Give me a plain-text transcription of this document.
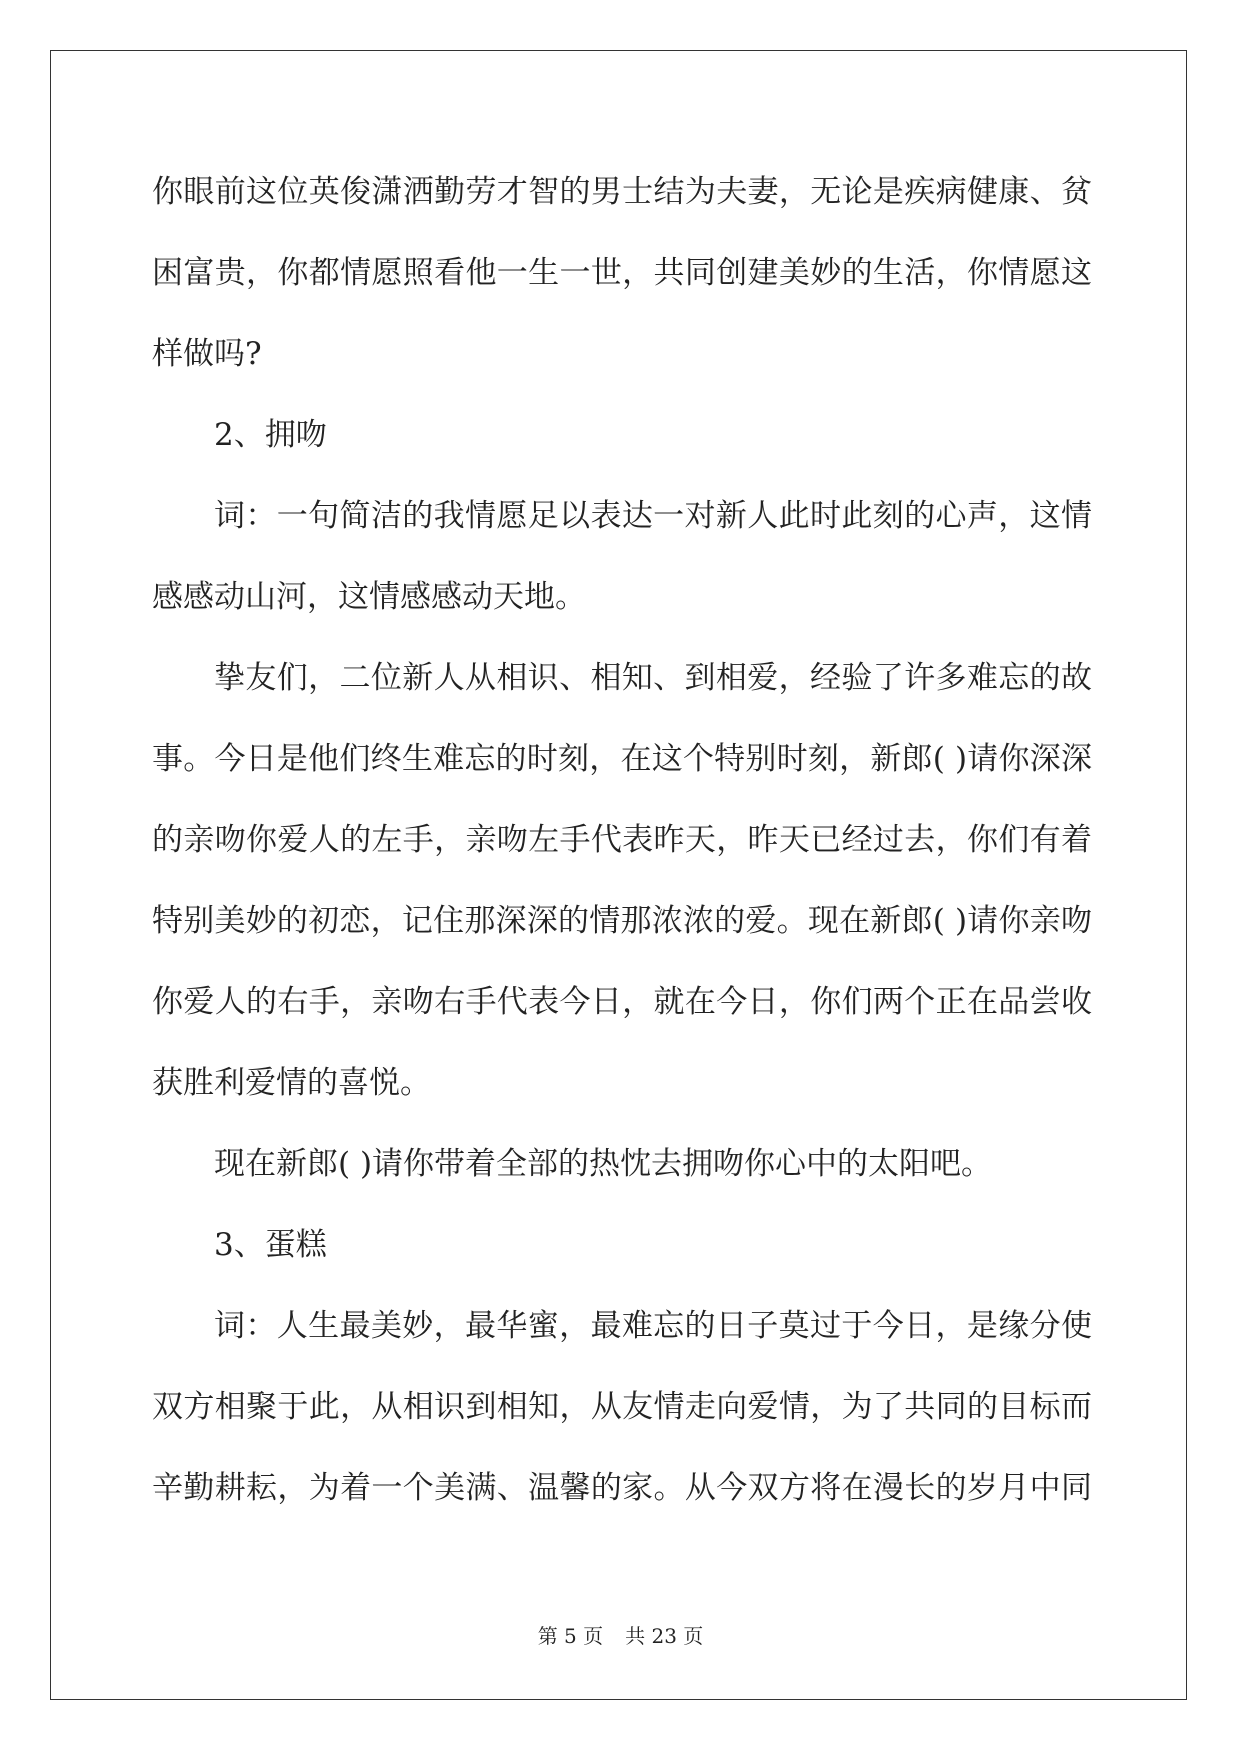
你眼前这位英俊潇洒勤劳才智的男士结为夫妻，无论是疾病健康、贫
困富贵，你都情愿照看他一生一世，共同创建美妙的生活，你情愿这
样做吗?
2、拥吻
词：一句简洁的我情愿足以表达一对新人此时此刻的心声，这情
感感动山河，这情感感动天地。
挚友们，二位新人从相识、相知、到相爱，经验了许多难忘的故
事。今日是他们终生难忘的时刻，在这个特别时刻，新郎( )请你深深
的亲吻你爱人的左手，亲吻左手代表昨天，昨天已经过去，你们有着
特别美妙的初恋，记住那深深的情那浓浓的爱。现在新郎( )请你亲吻
你爱人的右手，亲吻右手代表今日，就在今日，你们两个正在品尝收
获胜利爱情的喜悦。
现在新郎( )请你带着全部的热忱去拥吻你心中的太阳吧。
3、蛋糕
词：人生最美妙，最华蜜，最难忘的日子莫过于今日，是缘分使
双方相聚于此，从相识到相知，从友情走向爱情，为了共同的目标而
辛勤耕耘，为着一个美满、温馨的家。从今双方将在漫长的岁月中同
第 5 页 共 23 页
